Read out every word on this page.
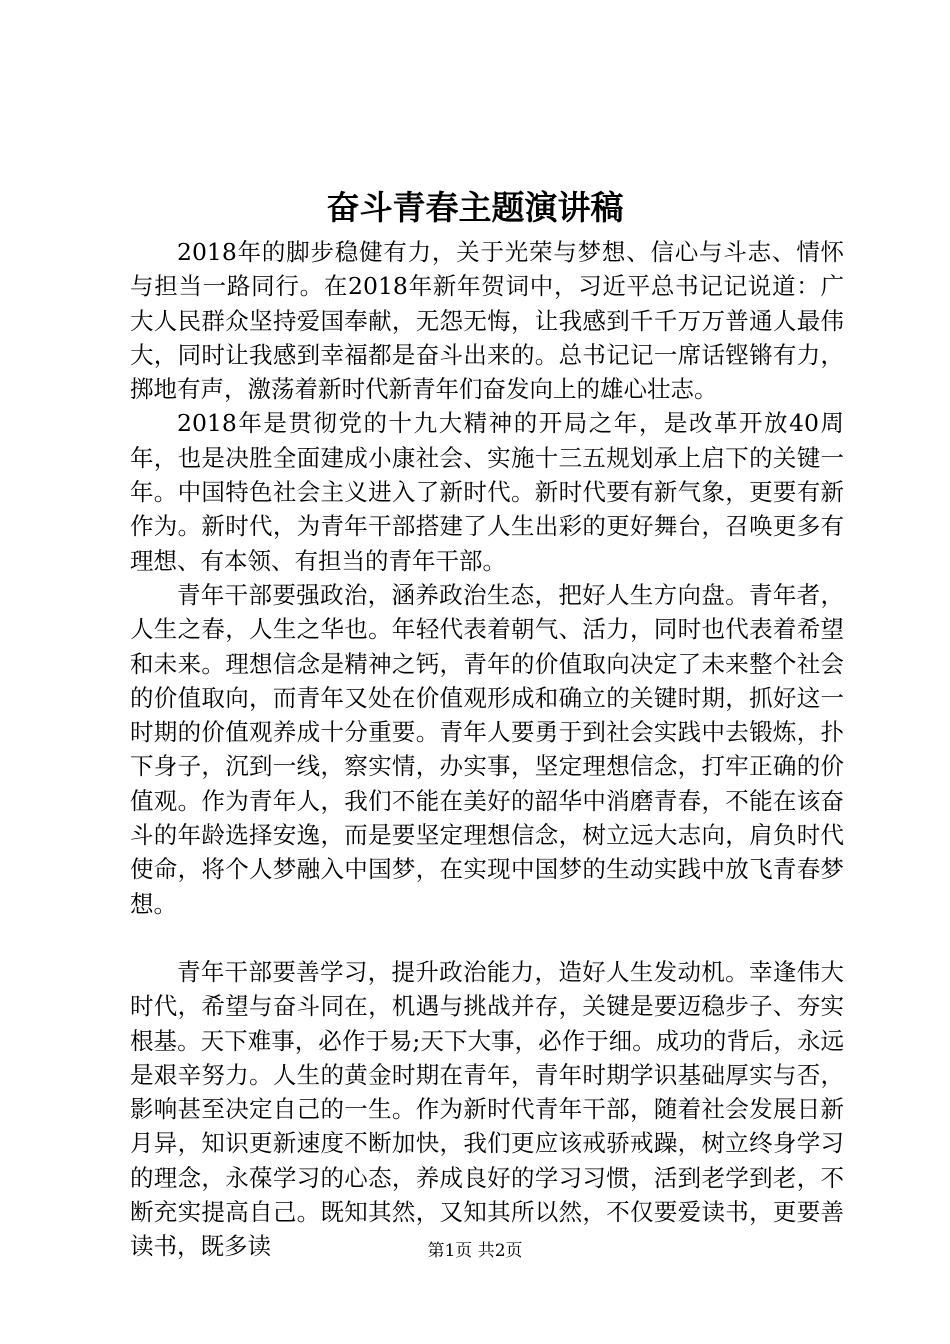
奋斗青春主题演讲稿

2018年的脚步稳健有力，关于光荣与梦想、信心与斗志、情怀与担当一路同行。在2018年新年贺词中，习近平总书记记说道：广大人民群众坚持爱国奉献，无怨无悔，让我感到千千万万普通人最伟大，同时让我感到幸福都是奋斗出来的。总书记记一席话铿锵有力，掷地有声，激荡着新时代新青年们奋发向上的雄心壮志。

2018年是贯彻党的十九大精神的开局之年，是改革开放40周年，也是决胜全面建成小康社会、实施十三五规划承上启下的关键一年。中国特色社会主义进入了新时代。新时代要有新气象，更要有新作为。新时代，为青年干部搭建了人生出彩的更好舞台，召唤更多有理想、有本领、有担当的青年干部。

青年干部要强政治，涵养政治生态，把好人生方向盘。青年者，人生之春，人生之华也。年轻代表着朝气、活力，同时也代表着希望和未来。理想信念是精神之钙，青年的价值取向决定了未来整个社会的价值取向，而青年又处在价值观形成和确立的关键时期，抓好这一时期的价值观养成十分重要。青年人要勇于到社会实践中去锻炼，扑下身子，沉到一线，察实情，办实事，坚定理想信念，打牢正确的价值观。作为青年人，我们不能在美好的韶华中消磨青春，不能在该奋斗的年龄选择安逸，而是要坚定理想信念，树立远大志向，肩负时代使命，将个人梦融入中国梦，在实现中国梦的生动实践中放飞青春梦想。

青年干部要善学习，提升政治能力，造好人生发动机。幸逢伟大时代，希望与奋斗同在，机遇与挑战并存，关键是要迈稳步子、夯实根基。天下难事，必作于易;天下大事，必作于细。成功的背后，永远是艰辛努力。人生的黄金时期在青年，青年时期学识基础厚实与否，影响甚至决定自己的一生。作为新时代青年干部，随着社会发展日新月异，知识更新速度不断加快，我们更应该戒骄戒躁，树立终身学习的理念，永葆学习的心态，养成良好的学习习惯，活到老学到老，不断充实提高自己。既知其然，又知其所以然，不仅要爱读书，更要善读书，既多读	第1页 共2页
